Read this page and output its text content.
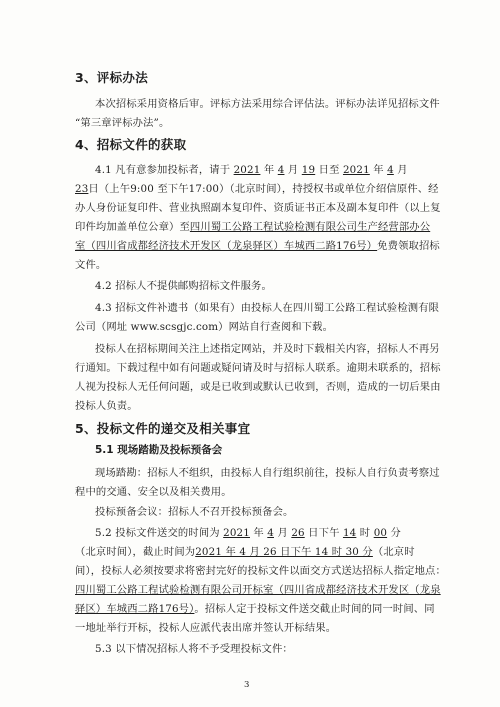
3、评标办法
本次招标采用资格后审。评标方法采用综合评估法。评标办法详见招标文件
“第三章评标办法”。
4、招标文件的获取
4.1 凡有意参加投标者，请于 2021 年 4 月 19 日至 2021 年 4 月
23日（上午9:00 至下午17:00）（北京时间），持授权书或单位介绍信原件、经
办人身份证复印件、营业执照副本复印件、资质证书正本及副本复印件（以上复
印件均加盖单位公章）至四川蜀工公路工程试验检测有限公司生产经营部办公
室（四川省成都经济技术开发区（龙泉驿区）车城西二路176号）免费领取招标
文件。
4.2 招标人不提供邮购招标文件服务。
4.3 招标文件补遗书（如果有）由投标人在四川蜀工公路工程试验检测有限
公司（网址 www.scsgjc.com）网站自行查阅和下载。
投标人在招标期间关注上述指定网站，并及时下载相关内容，招标人不再另
行通知。下载过程中如有问题或疑问请及时与招标人联系。逾期未联系的，招标
人视为投标人无任何问题，或是已收到或默认已收到，否则，造成的一切后果由
投标人负责。
5、投标文件的递交及相关事宜
5.1 现场踏勘及投标预备会
现场踏勘：招标人不组织，由投标人自行组织前往，投标人自行负责考察过
程中的交通、安全以及相关费用。
投标预备会议：招标人不召开投标预备会。
5.2 投标文件送交的时间为 2021 年 4 月 26 日下午 14 时 00 分
（北京时间），截止时间为2021 年 4 月 26 日下午 14 时 30 分（北京时
间），投标人必须按要求将密封完好的投标文件以面交方式送达招标人指定地点：
四川蜀工公路工程试验检测有限公司开标室（四川省成都经济技术开发区（龙泉
驿区）车城西二路176号）。招标人定于投标文件送交截止时间的同一时间、同
一地址举行开标，投标人应派代表出席并签认开标结果。
5.3 以下情况招标人将不予受理投标文件：
3
